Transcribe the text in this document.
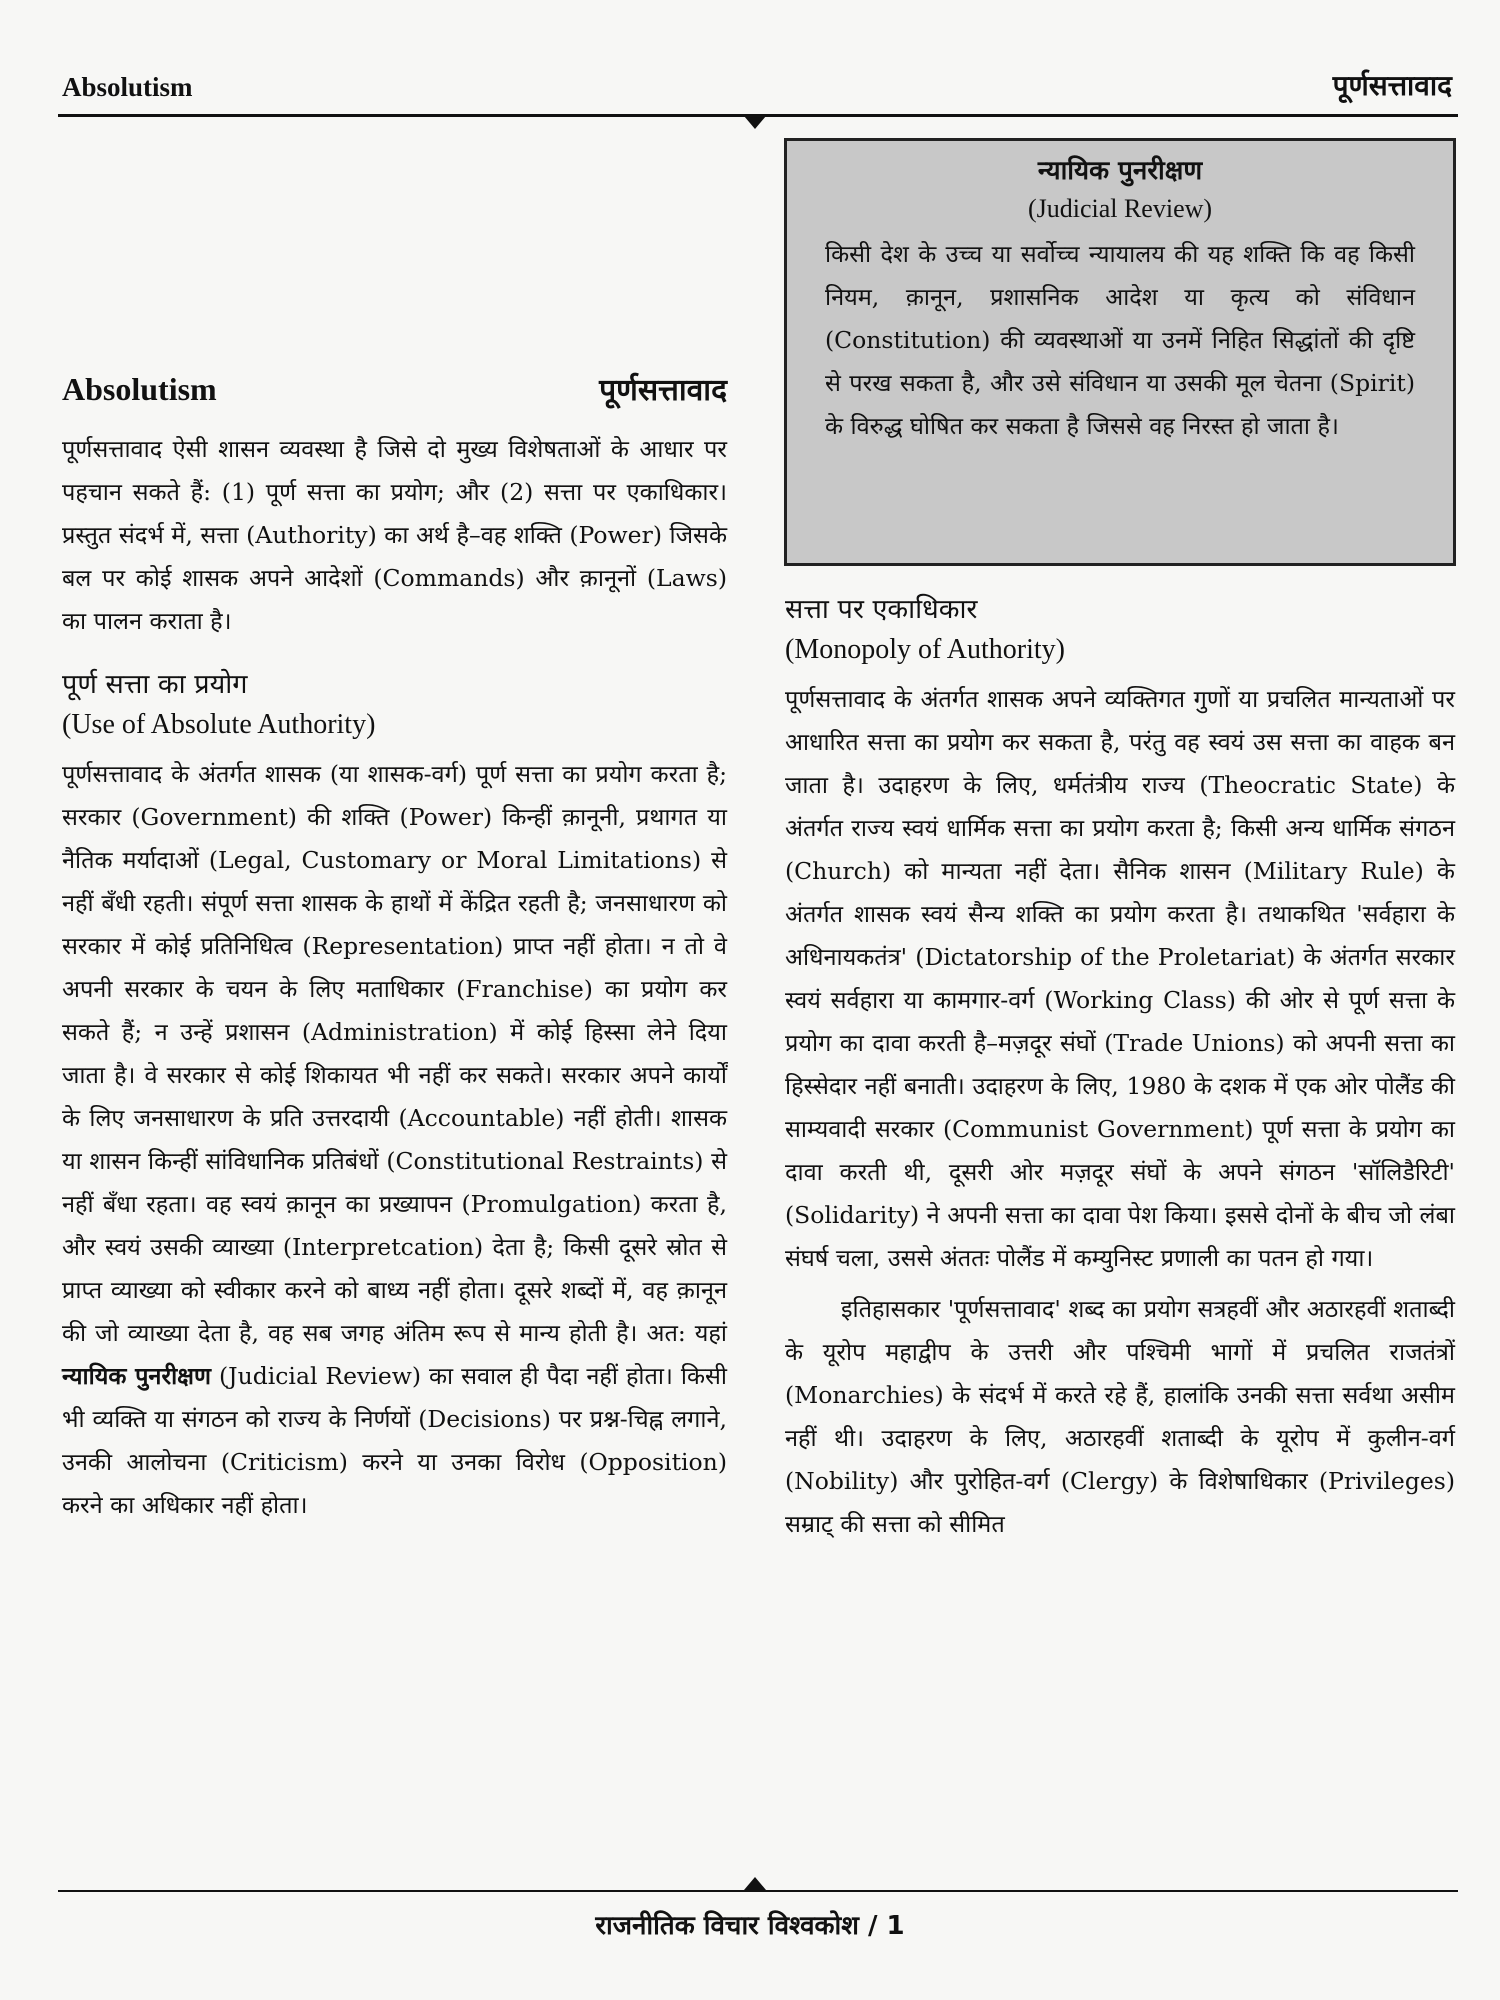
Absolutism	पूर्णसत्तावाद
न्यायिक पुनरीक्षण
(Judicial Review)
किसी देश के उच्च या सर्वोच्च न्यायालय की यह शक्ति कि वह किसी नियम, क़ानून, प्रशासनिक आदेश या कृत्य को संविधान (Constitution) की व्यवस्थाओं या उनमें निहित सिद्धांतों की दृष्टि से परख सकता है, और उसे संविधान या उसकी मूल चेतना (Spirit) के विरुद्ध घोषित कर सकता है जिससे वह निरस्त हो जाता है।
Absolutism	पूर्णसत्तावाद

पूर्णसत्तावाद ऐसी शासन व्यवस्था है जिसे दो मुख्य विशेषताओं के आधार पर पहचान सकते हैं: (1) पूर्ण सत्ता का प्रयोग; और (2) सत्ता पर एकाधिकार। प्रस्तुत संदर्भ में, सत्ता (Authority) का अर्थ है–वह शक्ति (Power) जिसके बल पर कोई शासक अपने आदेशों (Commands) और क़ानूनों (Laws) का पालन कराता है।

पूर्ण सत्ता का प्रयोग
(Use of Absolute Authority)

पूर्णसत्तावाद के अंतर्गत शासक (या शासक-वर्ग) पूर्ण सत्ता का प्रयोग करता है; सरकार (Government) की शक्ति (Power) किन्हीं क़ानूनी, प्रथागत या नैतिक मर्यादाओं (Legal, Customary or Moral Limitations) से नहीं बँधी रहती। संपूर्ण सत्ता शासक के हाथों में केंद्रित रहती है; जनसाधारण को सरकार में कोई प्रतिनिधित्व (Representation) प्राप्त नहीं होता। न तो वे अपनी सरकार के चयन के लिए मताधिकार (Franchise) का प्रयोग कर सकते हैं; न उन्हें प्रशासन (Administration) में कोई हिस्सा लेने दिया जाता है। वे सरकार से कोई शिकायत भी नहीं कर सकते। सरकार अपने कार्यों के लिए जनसाधारण के प्रति उत्तरदायी (Accountable) नहीं होती। शासक या शासन किन्हीं सांविधानिक प्रतिबंधों (Constitutional Restraints) से नहीं बँधा रहता। वह स्वयं क़ानून का प्रख्यापन (Promulgation) करता है, और स्वयं उसकी व्याख्या (Interpretcation) देता है; किसी दूसरे स्रोत से प्राप्त व्याख्या को स्वीकार करने को बाध्य नहीं होता। दूसरे शब्दों में, वह क़ानून की जो व्याख्या देता है, वह सब जगह अंतिम रूप से मान्य होती है। अत: यहां न्यायिक पुनरीक्षण (Judicial Review) का सवाल ही पैदा नहीं होता। किसी भी व्यक्ति या संगठन को राज्य के निर्णयों (Decisions) पर प्रश्न-चिह्न लगाने, उनकी आलोचना (Criticism) करने या उनका विरोध (Opposition) करने का अधिकार नहीं होता।

सत्ता पर एकाधिकार
(Monopoly of Authority)

पूर्णसत्तावाद के अंतर्गत शासक अपने व्यक्तिगत गुणों या प्रचलित मान्यताओं पर आधारित सत्ता का प्रयोग कर सकता है, परंतु वह स्वयं उस सत्ता का वाहक बन जाता है। उदाहरण के लिए, धर्मतंत्रीय राज्य (Theocratic State) के अंतर्गत राज्य स्वयं धार्मिक सत्ता का प्रयोग करता है; किसी अन्य धार्मिक संगठन (Church) को मान्यता नहीं देता। सैनिक शासन (Military Rule) के अंतर्गत शासक स्वयं सैन्य शक्ति का प्रयोग करता है। तथाकथित 'सर्वहारा के अधिनायकतंत्र' (Dictatorship of the Proletariat) के अंतर्गत सरकार स्वयं सर्वहारा या कामगार-वर्ग (Working Class) की ओर से पूर्ण सत्ता के प्रयोग का दावा करती है–मज़दूर संघों (Trade Unions) को अपनी सत्ता का हिस्सेदार नहीं बनाती। उदाहरण के लिए, 1980 के दशक में एक ओर पोलैंड की साम्यवादी सरकार (Communist Government) पूर्ण सत्ता के प्रयोग का दावा करती थी, दूसरी ओर मज़दूर संघों के अपने संगठन 'सॉलिडैरिटी' (Solidarity) ने अपनी सत्ता का दावा पेश किया। इससे दोनों के बीच जो लंबा संघर्ष चला, उससे अंततः पोलैंड में कम्युनिस्ट प्रणाली का पतन हो गया।

इतिहासकार 'पूर्णसत्तावाद' शब्द का प्रयोग सत्रहवीं और अठारहवीं शताब्दी के यूरोप महाद्वीप के उत्तरी और पश्चिमी भागों में प्रचलित राजतंत्रों (Monarchies) के संदर्भ में करते रहे हैं, हालांकि उनकी सत्ता सर्वथा असीम नहीं थी। उदाहरण के लिए, अठारहवीं शताब्दी के यूरोप में कुलीन-वर्ग (Nobility) और पुरोहित-वर्ग (Clergy) के विशेषाधिकार (Privileges) सम्राट् की सत्ता को सीमित

राजनीतिक विचार विश्वकोश / 1
